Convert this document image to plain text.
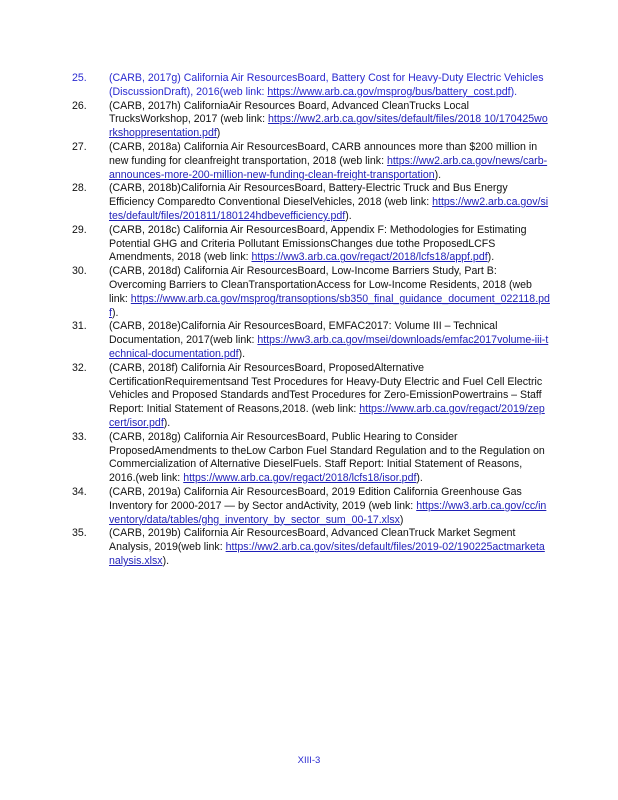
25.	(CARB, 2017g) California Air ResourcesBoard, Battery Cost for Heavy-Duty Electric Vehicles (DiscussionDraft), 2016(web link: https://www.arb.ca.gov/msprog/bus/battery_cost.pdf).
26.	(CARB, 2017h) CaliforniaAir Resources Board, Advanced CleanTrucks Local TrucksWorkshop, 2017 (web link: https://ww2.arb.ca.gov/sites/default/files/2018 10/170425workshoppresentation.pdf)
27.	(CARB, 2018a) California Air ResourcesBoard, CARB announces more than $200 million in new funding for cleanfreight transportation, 2018 (web link: https://ww2.arb.ca.gov/news/carb-announces-more-200-million-new-funding-clean-freight-transportation).
28.	(CARB, 2018b)California Air ResourcesBoard, Battery-Electric Truck and Bus Energy Efficiency Comparedto Conventional DieselVehicles, 2018 (web link: https://ww2.arb.ca.gov/sites/default/files/201811/180124hdbevefficiency.pdf).
29.	(CARB, 2018c) California Air ResourcesBoard, Appendix F: Methodologies for Estimating Potential GHG and Criteria Pollutant EmissionsChanges due tothe ProposedLCFS Amendments, 2018 (web link: https://ww3.arb.ca.gov/regact/2018/lcfs18/appf.pdf).
30.	(CARB, 2018d) California Air ResourcesBoard, Low-Income Barriers Study, Part B: Overcoming Barriers to CleanTransportationAccess for Low-Income Residents, 2018 (web link: https://www.arb.ca.gov/msprog/transoptions/sb350_final_guidance_document_022118.pdf).
31.	(CARB, 2018e)California Air ResourcesBoard, EMFAC2017: Volume III – Technical Documentation, 2017(web link: https://ww3.arb.ca.gov/msei/downloads/emfac2017volume-iii-technical-documentation.pdf).
32.	(CARB, 2018f) California Air ResourcesBoard, ProposedAlternative CertificationRequirementsand Test Procedures for Heavy-Duty Electric and Fuel Cell Electric Vehicles and Proposed Standards andTest Procedures for Zero-EmissionPowertrains – Staff Report: Initial Statement of Reasons,2018. (web link: https://www.arb.ca.gov/regact/2019/zepcert/isor.pdf).
33.	(CARB, 2018g) California Air ResourcesBoard, Public Hearing to Consider ProposedAmendments to theLow Carbon Fuel Standard Regulation and to the Regulation on Commercialization of Alternative DieselFuels. Staff Report: Initial Statement of Reasons, 2016.(web link: https://www.arb.ca.gov/regact/2018/lcfs18/isor.pdf).
34.	(CARB, 2019a) California Air ResourcesBoard, 2019 Edition California Greenhouse Gas Inventory for 2000-2017 — by Sector andActivity, 2019 (web link: https://ww3.arb.ca.gov/cc/inventory/data/tables/ghg_inventory_by_sector_sum_00-17.xlsx)
35.	(CARB, 2019b) California Air ResourcesBoard, Advanced CleanTruck Market Segment Analysis, 2019(web link: https://ww2.arb.ca.gov/sites/default/files/2019-02/190225actmarketanalysis.xlsx).
XIII-3
